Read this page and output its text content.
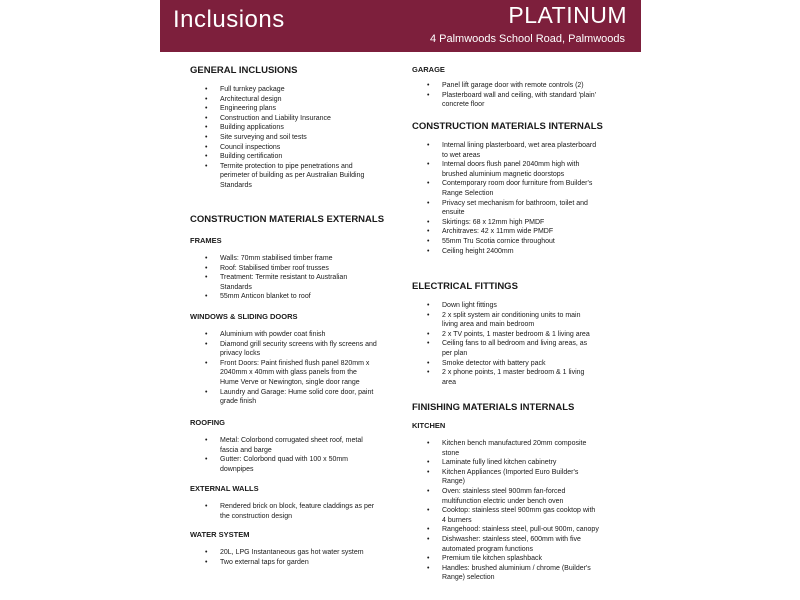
Inclusions	PLATINUM
4 Palmwoods School Road, Palmwoods
GENERAL INCLUSIONS
• Full turnkey package
• Architectural design
• Engineering plans
• Construction and Liability Insurance
• Building applications
• Site surveying and soil tests
• Council inspections
• Building certification
• Termite protection to pipe penetrations and
perimeter of building as per Australian Building
Standards
CONSTRUCTION MATERIALS EXTERNALS
FRAMES
• Walls: 70mm stabilised timber frame
• Roof: Stabilised timber roof trusses
• Treatment: Termite resistant to Australian
Standards
• 55mm Anticon blanket to roof
WINDOWS & SLIDING DOORS
• Aluminium with powder coat finish
• Diamond grill security screens with fly screens and
privacy locks
• Front Doors: Paint finished flush panel 820mm x
2040mm x 40mm with glass panels from the
Hume Verve or Newington, single door range
• Laundry and Garage: Hume solid core door, paint
grade finish
ROOFING
• Metal: Colorbond corrugated sheet roof, metal
fascia and barge
• Gutter: Colorbond quad with 100 x 50mm
downpipes
EXTERNAL WALLS
• Rendered brick on block, feature claddings as per
the construction design
WATER SYSTEM
• 20L, LPG Instantaneous gas hot water system
• Two external taps for garden
GARAGE
• Panel lift garage door with remote controls (2)
• Plasterboard wall and ceiling, with standard 'plain'
concrete floor
CONSTRUCTION MATERIALS INTERNALS
• Internal lining plasterboard, wet area plasterboard
to wet areas
• Internal doors flush panel 2040mm high with
brushed aluminium magnetic doorstops
• Contemporary room door furniture from Builder's
Range Selection
• Privacy set mechanism for bathroom, toilet and
ensuite
• Skirtings: 68 x 12mm high PMDF
• Architraves: 42 x 11mm wide PMDF
• 55mm Tru Scotia cornice throughout
• Ceiling height 2400mm
ELECTRICAL FITTINGS
• Down light fittings
• 2 x split system air conditioning units to main
living area and main bedroom
• 2 x TV points, 1 master bedroom & 1 living area
• Ceiling fans to all bedroom and living areas, as
per plan
• Smoke detector with battery pack
• 2 x phone points, 1 master bedroom & 1 living
area
FINISHING MATERIALS INTERNALS
KITCHEN
• Kitchen bench manufactured 20mm composite
stone
• Laminate fully lined kitchen cabinetry
• Kitchen Appliances (Imported Euro Builder's
Range)
• Oven: stainless steel 900mm fan-forced
multifunction electric under bench oven
• Cooktop: stainless steel 900mm gas cooktop with
4 burners
• Rangehood: stainless steel, pull-out 900m, canopy
• Dishwasher: stainless steel, 600mm with five
automated program functions
• Premium tile kitchen splashback
• Handles: brushed aluminium / chrome (Builder's
Range) selection
